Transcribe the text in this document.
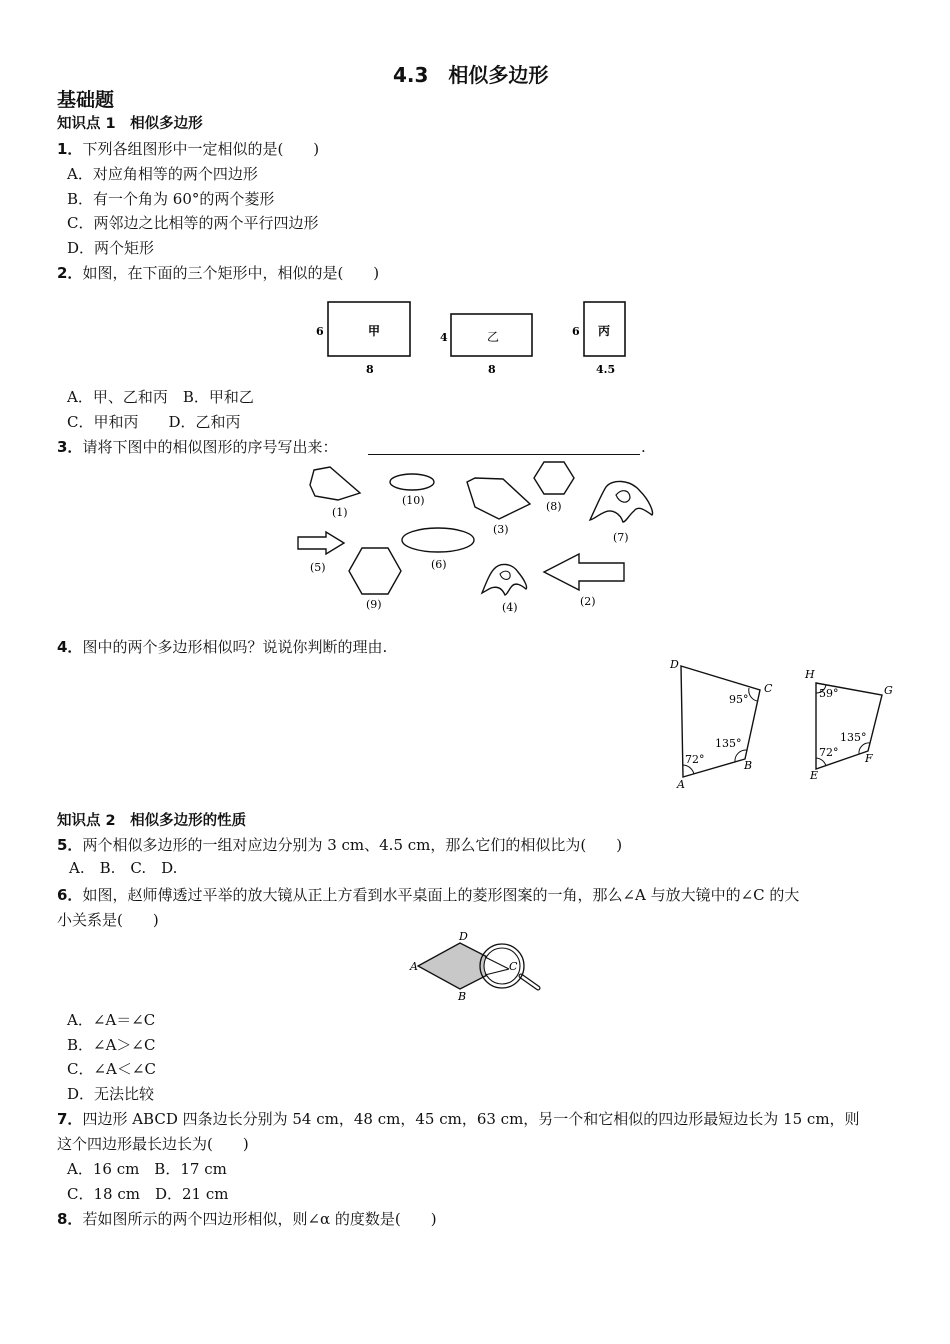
4.3　相似多边形
基础题
知识点 1　相似多边形
1．下列各组图形中一定相似的是(　　)
A．对应角相等的两个四边形
B．有一个角为 60°的两个菱形
C．两邻边之比相等的两个平行四边形
D．两个矩形
2．如图，在下面的三个矩形中，相似的是(　　)
甲
6
8
乙
4
8
丙
6
4.5
A．甲、乙和丙　B．甲和乙
C．甲和丙　　D．乙和丙
3．请将下图中的相似图形的序号写出来：	.
(1)
(10)
(3)
(8)
(7)
(5)	(6)
(9)	(4)	(2)
4．图中的两个多边形相似吗？说说你判断的理由.
D
C
B
A
95°
135°
72°
H
G
F
E
59°
135°
72°
知识点 2　相似多边形的性质
5．两个相似多边形的一组对应边分别为 3 cm、4.5 cm，那么它们的相似比为(　　)
A.　B.　C.　D.
6．如图，赵师傅透过平举的放大镜从正上方看到水平桌面上的菱形图案的一角，那么∠A 与放大镜中的∠C 的大
小关系是(　　)
D
A	C
B
A．∠A＝∠C
B．∠A＞∠C
C．∠A＜∠C
D．无法比较
7．四边形 ABCD 四条边长分别为 54 cm，48 cm，45 cm，63 cm，另一个和它相似的四边形最短边长为 15 cm，则
这个四边形最长边长为(　　)
A．16 cm　B．17 cm
C．18 cm　D．21 cm
8．若如图所示的两个四边形相似，则∠α 的度数是(　　)
